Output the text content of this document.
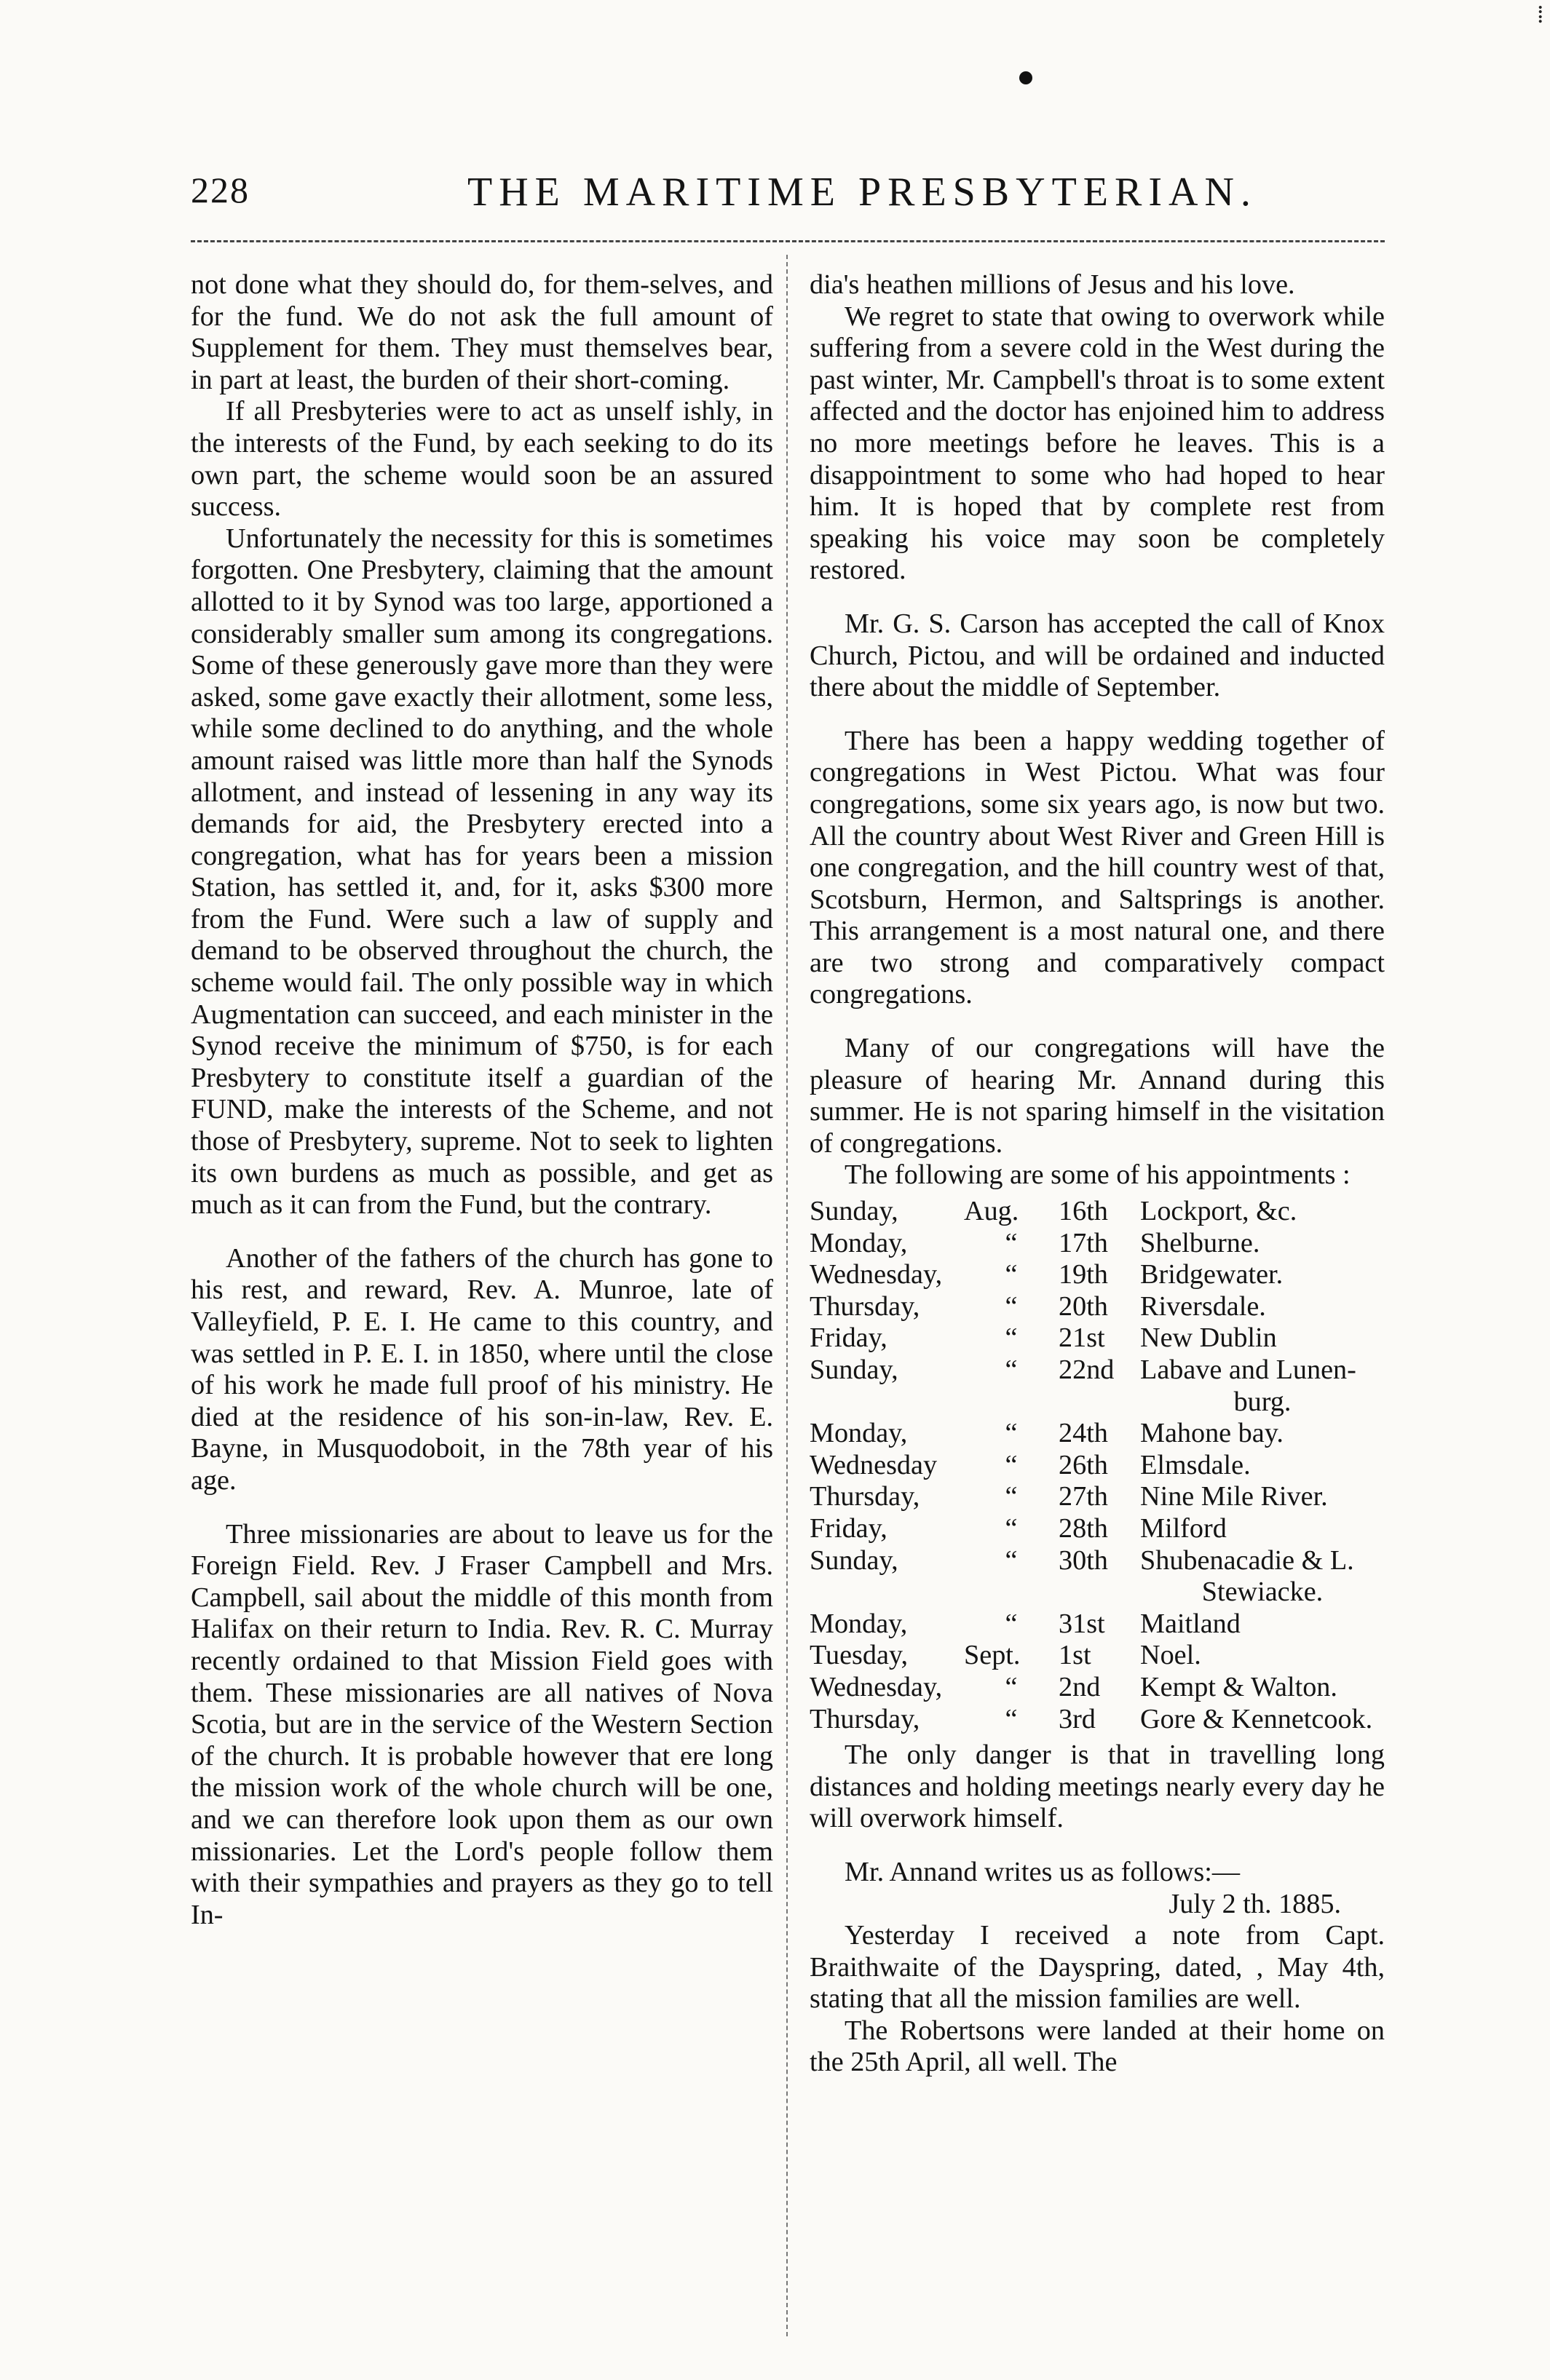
⁞
228	THE MARITIME PRESBYTERIAN.

not done what they should do, for them-selves, and for the fund. We do not ask the full amount of Supplement for them. They must themselves bear, in part at least, the burden of their short-coming.

If all Presbyteries were to act as unself ishly, in the interests of the Fund, by each seeking to do its own part, the scheme would soon be an assured success.

Unfortunately the necessity for this is sometimes forgotten. One Presbytery, claiming that the amount allotted to it by Synod was too large, apportioned a considerably smaller sum among its congregations. Some of these generously gave more than they were asked, some gave exactly their allotment, some less, while some declined to do anything, and the whole amount raised was little more than half the Synods allotment, and instead of lessening in any way its demands for aid, the Presbytery erected into a congregation, what has for years been a mission Station, has settled it, and, for it, asks $300 more from the Fund. Were such a law of supply and demand to be observed throughout the church, the scheme would fail. The only possible way in which Augmentation can succeed, and each minister in the Synod receive the minimum of $750, is for each Presbytery to constitute itself a guardian of the FUND, make the interests of the Scheme, and not those of Presbytery, supreme. Not to seek to lighten its own burdens as much as possible, and get as much as it can from the Fund, but the contrary.

Another of the fathers of the church has gone to his rest, and reward, Rev. A. Munroe, late of Valleyfield, P. E. I. He came to this country, and was settled in P. E. I. in 1850, where until the close of his work he made full proof of his ministry. He died at the residence of his son-in-law, Rev. E. Bayne, in Musquodoboit, in the 78th year of his age.

Three missionaries are about to leave us for the Foreign Field. Rev. J Fraser Campbell and Mrs. Campbell, sail about the middle of this month from Halifax on their return to India. Rev. R. C. Murray recently ordained to that Mission Field goes with them. These missionaries are all natives of Nova Scotia, but are in the service of the Western Section of the church. It is probable however that ere long the mission work of the whole church will be one, and we can therefore look upon them as our own missionaries. Let the Lord's people follow them with their sympathies and prayers as they go to tell In-

dia's heathen millions of Jesus and his love.

We regret to state that owing to overwork while suffering from a severe cold in the West during the past winter, Mr. Campbell's throat is to some extent affected and the doctor has enjoined him to address no more meetings before he leaves. This is a disappointment to some who had hoped to hear him. It is hoped that by complete rest from speaking his voice may soon be completely restored.

Mr. G. S. Carson has accepted the call of Knox Church, Pictou, and will be ordained and inducted there about the middle of September.

There has been a happy wedding together of congregations in West Pictou. What was four congregations, some six years ago, is now but two. All the country about West River and Green Hill is one congregation, and the hill country west of that, Scotsburn, Hermon, and Saltsprings is another. This arrangement is a most natural one, and there are two strong and comparatively compact congregations.

Many of our congregations will have the pleasure of hearing Mr. Annand during this summer. He is not sparing himself in the visitation of congregations.

The following are some of his appointments :

Sunday,	Aug.	16th	Lockport, &c.
Monday,	“	17th	Shelburne.
Wednesday,	“	19th	Bridgewater.
Thursday,	“	20th	Riversdale.
Friday,	“	21st	New Dublin
Sunday,	“	22nd	Labave and Lunen-
burg.

Monday,	“	24th	Mahone bay.
Wednesday	“	26th	Elmsdale.
Thursday,	“	27th	Nine Mile River.
Friday,	“	28th	Milford
Sunday,	“	30th	Shubenacadie & L.
Stewiacke.

Monday,	“	31st	Maitland
Tuesday,	Sept.	1st	Noel.
Wednesday,	“	2nd	Kempt & Walton.
Thursday,	“	3rd	Gore & Kennetcook.

The only danger is that in travelling long distances and holding meetings nearly every day he will overwork himself.

Mr. Annand writes us as follows:—

July 2 th. 1885.

Yesterday I received a note from Capt. Braithwaite of the Dayspring, dated, , May 4th, stating that all the mission families are well.

The Robertsons were landed at their home on the 25th April, all well. The
